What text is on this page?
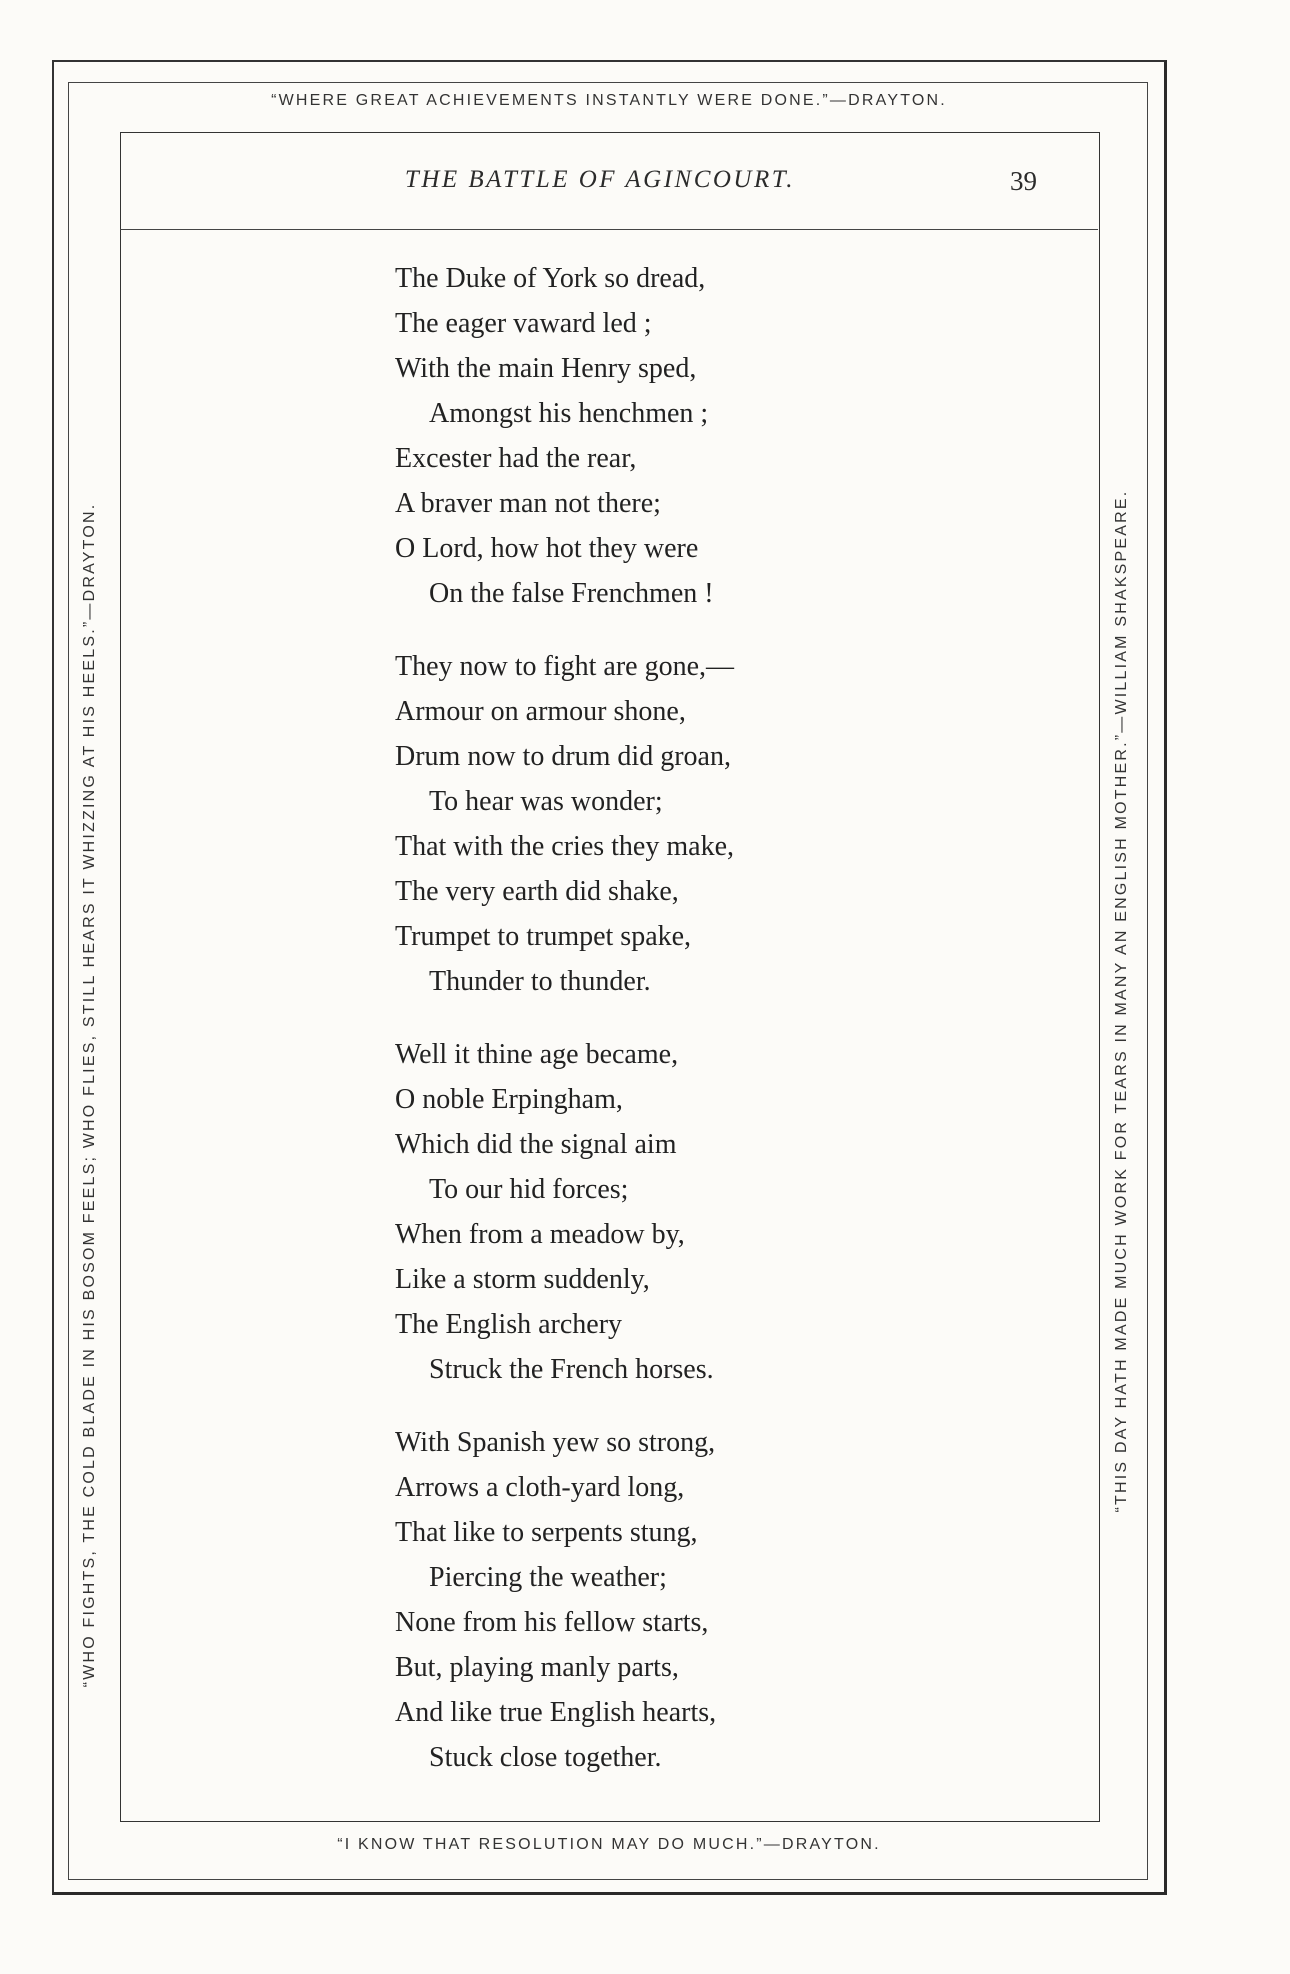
“WHERE GREAT ACHIEVEMENTS INSTANTLY WERE DONE.”—DRAYTON.
“WHO FIGHTS, THE COLD BLADE IN HIS BOSOM FEELS; WHO FLIES, STILL HEARS IT WHIZZING AT HIS HEELS.”—DRAYTON.	“THIS DAY HATH MADE MUCH WORK FOR TEARS IN MANY AN ENGLISH MOTHER.”—WILLIAM SHAKSPEARE.
“I KNOW THAT RESOLUTION MAY DO MUCH.”—DRAYTON.
THE BATTLE OF AGINCOURT.	39
The Duke of York so dread,
The eager vaward led ;
With the main Henry sped,
Amongst his henchmen ;
Excester had the rear,
A braver man not there;
O Lord, how hot they were
On the false Frenchmen !
They now to fight are gone,—
Armour on armour shone,
Drum now to drum did groan,
To hear was wonder;
That with the cries they make,
The very earth did shake,
Trumpet to trumpet spake,
Thunder to thunder.
Well it thine age became,
O noble Erpingham,
Which did the signal aim
To our hid forces;
When from a meadow by,
Like a storm suddenly,
The English archery
Struck the French horses.
With Spanish yew so strong,
Arrows a cloth-yard long,
That like to serpents stung,
Piercing the weather;
None from his fellow starts,
But, playing manly parts,
And like true English hearts,
Stuck close together.
